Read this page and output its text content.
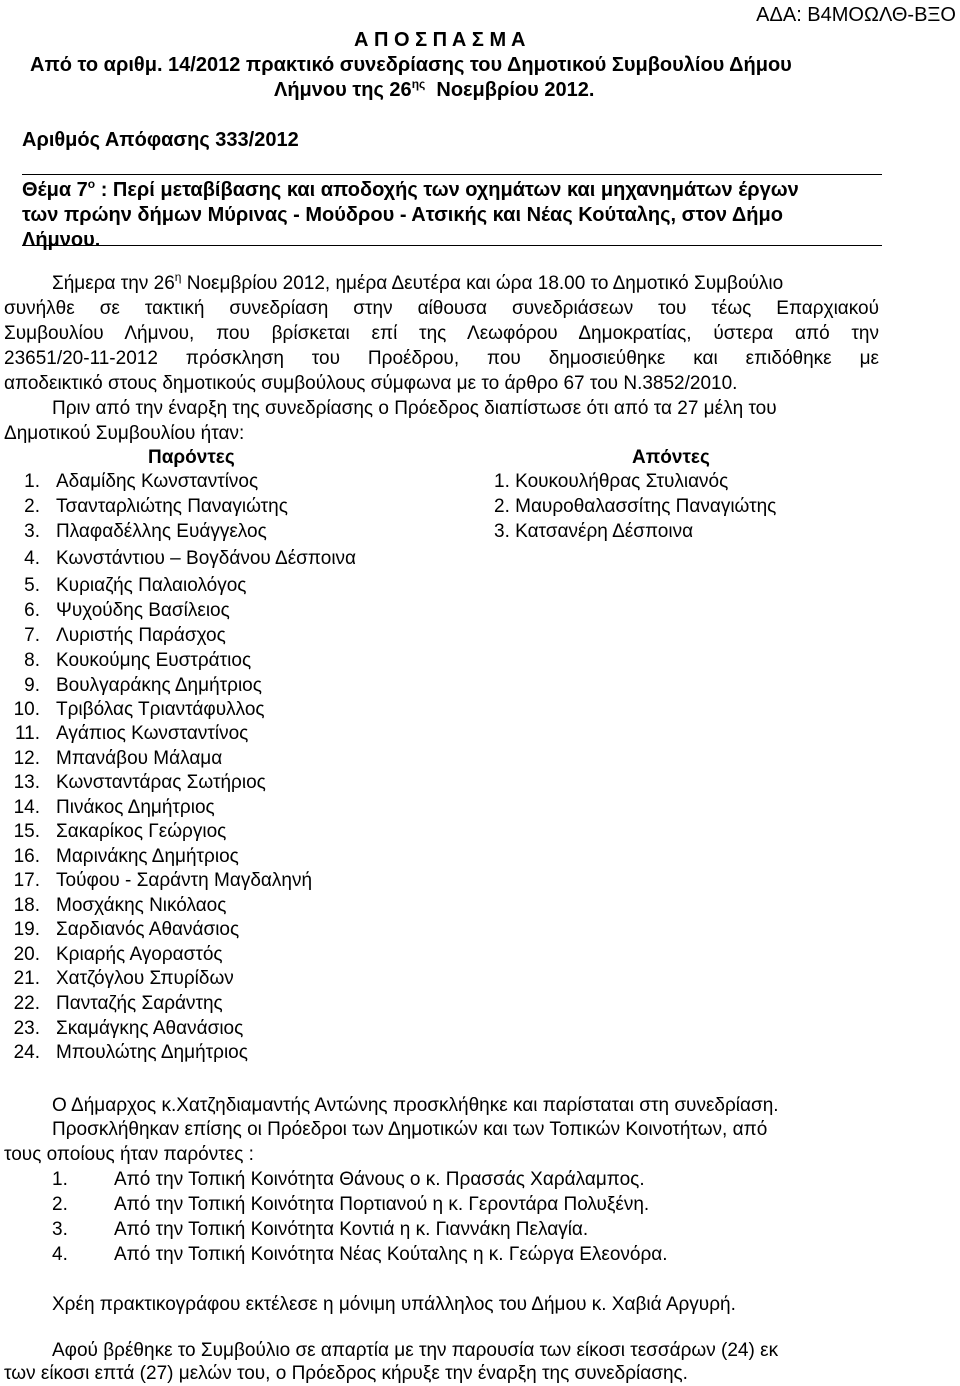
ΑΔΑ: Β4ΜΟΩΛΘ-ΒΞΟ
Α Π Ο Σ Π Α Σ Μ Α
Από το αριθμ. 14/2012 πρακτικό συνεδρίασης του Δημοτικού Συμβουλίου Δήμου
Λήμνου της $26^{\eta\varsigma}$ Νοεμβρίου 2012.
Αριθμός Απόφασης 333/2012
Θέμα $7^o$ : Περί μεταβίβασης και αποδοχής των οχημάτων και μηχανημάτων έργων
των πρώην δήμων Μύρινας - Μούδρου - Ατσικής και Νέας Κούταλης, στον Δήμο
Λήμνου.
Σήμερα την $26^\eta$ Νοεμβρίου 2012, ημέρα Δευτέρα και ώρα 18.00 το Δημοτικό Συμβούλιο
συνήλθε σε τακτική συνεδρίαση στην αίθουσα συνεδριάσεων του τέως Επαρχιακού
Συμβουλίου Λήμνου, που βρίσκεται επί της Λεωφόρου Δημοκρατίας, ύστερα από την
23651/20-11-2012 πρόσκληση του Προέδρου, που δημοσιεύθηκε και επιδόθηκε με
αποδεικτικό στους δημοτικούς συμβούλους σύμφωνα με το άρθρο 67 του Ν.3852/2010.
Πριν από την έναρξη της συνεδρίασης ο Πρόεδρος διαπίστωσε ότι από τα 27 μέλη του
Δημοτικού Συμβουλίου ήταν:
Παρόντες	Απόντες
1. Αδαμίδης Κωνσταντίνος
2. Τσανταρλιώτης Παναγιώτης
3. Πλαφαδέλλης Ευάγγελος
4. Κωνστάντιου – Βογδάνου Δέσποινα
5. Κυριαζής Παλαιολόγος
6. Ψυχούδης Βασίλειος
7. Λυριστής Παράσχος
8. Κουκούμης Ευστράτιος
9. Βουλγαράκης Δημήτριος
10. Τριβόλας Τριαντάφυλλος
11. Αγάπιος Κωνσταντίνος
12. Μπανάβου Μάλαμα
13. Κωνσταντάρας Σωτήριος
14. Πινάκος Δημήτριος
15. Σακαρίκος Γεώργιος
16. Μαρινάκης Δημήτριος
17. Τούφου - Σαράντη Μαγδαληνή
18. Μοσχάκης Νικόλαος
19. Σαρδιανός Αθανάσιος
20. Κριαρής Αγοραστός
21. Χατζόγλου Σπυρίδων
22. Πανταζής Σαράντης
23. Σκαμάγκης Αθανάσιος
24. Μπουλώτης Δημήτριος
1. Κουκουλήθρας Στυλιανός
2. Μαυροθαλασσίτης Παναγιώτης
3. Κατσανέρη Δέσποινα
Ο Δήμαρχος κ.Χατζηδιαμαντής Αντώνης προσκλήθηκε και παρίσταται στη συνεδρίαση.
Προσκλήθηκαν επίσης οι Πρόεδροι των Δημοτικών και των Τοπικών Κοινοτήτων, από
τους οποίους ήταν παρόντες :
1. Από την Τοπική Κοινότητα Θάνους ο κ. Πρασσάς Χαράλαμπος.
2. Από την Τοπική Κοινότητα Πορτιανού η κ. Γεροντάρα Πολυξένη.
3. Από την Τοπική Κοινότητα Κοντιά η κ. Γιαννάκη Πελαγία.
4. Από την Τοπική Κοινότητα Νέας Κούταλης η κ. Γεώργα Ελεονόρα.
Χρέη πρακτικογράφου εκτέλεσε η μόνιμη υπάλληλος του Δήμου κ. Χαβιά Αργυρή.
Αφού βρέθηκε το Συμβούλιο σε απαρτία με την παρουσία των είκοσι τεσσάρων (24) εκ
των είκοσι επτά (27) μελών του, ο Πρόεδρος κήρυξε την έναρξη της συνεδρίασης.
